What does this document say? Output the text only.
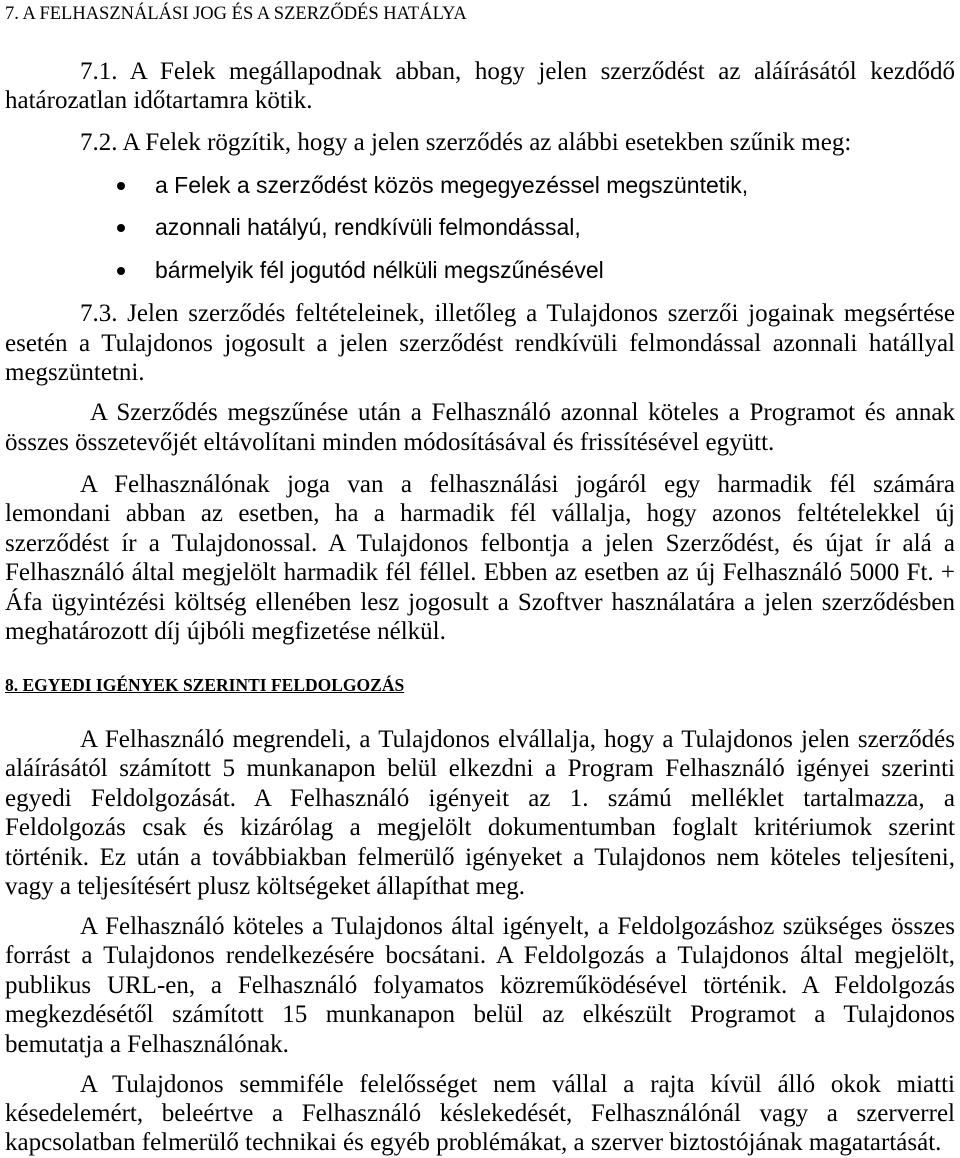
7. A FELHASZNÁLÁSI JOG ÉS A SZERZŐDÉS HATÁLYA
7.1. A Felek megállapodnak abban, hogy jelen szerződést az aláírásától kezdődő
határozatlan időtartamra kötik.
7.2. A Felek rögzítik, hogy a jelen szerződés az alábbi esetekben szűnik meg:
a Felek a szerződést közös megegyezéssel megszüntetik,
azonnali hatályú, rendkívüli felmondással,
bármelyik fél jogutód nélküli megszűnésével
7.3. Jelen szerződés feltételeinek, illetőleg a Tulajdonos szerzői jogainak megsértése
esetén a Tulajdonos jogosult a jelen szerződést rendkívüli felmondással azonnali hatállyal
megszüntetni.
A Szerződés megszűnése után a Felhasználó azonnal köteles a Programot és annak
összes összetevőjét eltávolítani minden módosításával és frissítésével együtt.
A Felhasználónak joga van a felhasználási jogáról egy harmadik fél számára
lemondani abban az esetben, ha a harmadik fél vállalja, hogy azonos feltételekkel új
szerződést ír a Tulajdonossal. A Tulajdonos felbontja a jelen Szerződést, és újat ír alá a
Felhasználó által megjelölt harmadik fél féllel. Ebben az esetben az új Felhasználó 5000 Ft. +
Áfa ügyintézési költség ellenében lesz jogosult a Szoftver használatára a jelen szerződésben
meghatározott díj újbóli megfizetése nélkül.
8. EGYEDI IGÉNYEK SZERINTI FELDOLGOZÁS
A Felhasználó megrendeli, a Tulajdonos elvállalja, hogy a Tulajdonos jelen szerződés
aláírásától számított 5 munkanapon belül elkezdni a Program Felhasználó igényei szerinti
egyedi Feldolgozását. A Felhasználó igényeit az 1. számú melléklet tartalmazza, a
Feldolgozás csak és kizárólag a megjelölt dokumentumban foglalt kritériumok szerint
történik. Ez után a továbbiakban felmerülő igényeket a Tulajdonos nem köteles teljesíteni,
vagy a teljesítésért plusz költségeket állapíthat meg.
A Felhasználó köteles a Tulajdonos által igényelt, a Feldolgozáshoz szükséges összes
forrást a Tulajdonos rendelkezésére bocsátani. A Feldolgozás a Tulajdonos által megjelölt,
publikus URL-en, a Felhasználó folyamatos közreműködésével történik. A Feldolgozás
megkezdésétől számított 15 munkanapon belül az elkészült Programot a Tulajdonos
bemutatja a Felhasználónak.
A Tulajdonos semmiféle felelősséget nem vállal a rajta kívül álló okok miatti
késedelemért, beleértve a Felhasználó késlekedését, Felhasználónál vagy a szerverrel
kapcsolatban felmerülő technikai és egyéb problémákat, a szerver biztostójának magatartását.
